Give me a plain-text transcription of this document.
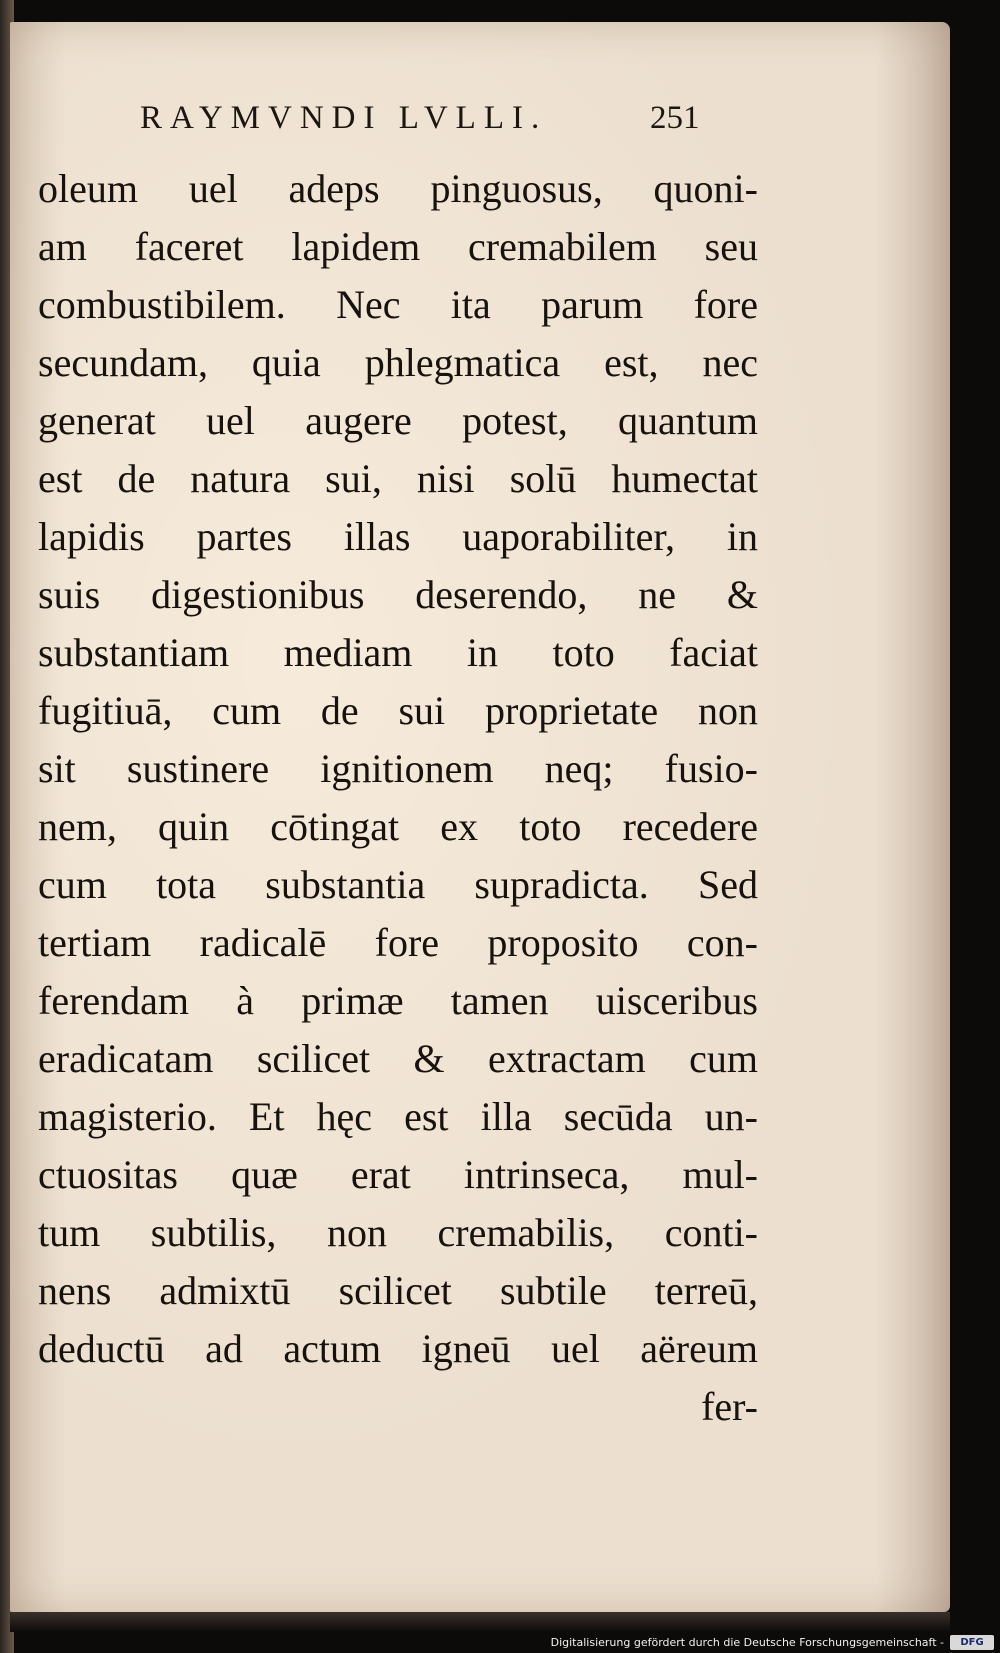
RAYMVNDI LVLLI.	251
oleum uel adeps pinguosus, quoni-
am faceret lapidem cremabilem seu
combustibilem. Nec ita parum fore
secundam, quia phlegmatica est, nec
generat uel augere potest, quantum
est de natura sui, nisi solū humectat
lapidis partes illas uaporabiliter, in
suis digestionibus deserendo, ne &
substantiam mediam in toto faciat
fugitiuā, cum de sui proprietate non
sit sustinere ignitionem neq; fusio-
nem, quin cōtingat ex toto recedere
cum tota substantia supradicta. Sed
tertiam radicalē fore proposito con-
ferendam à primæ tamen uisceribus
eradicatam scilicet & extractam cum
magisterio. Et hęc est illa secūda un-
ctuositas quæ erat intrinseca, mul-
tum subtilis, non cremabilis, conti-
nens admixtū scilicet subtile terreū,
deductū ad actum igneū uel aëreum
fer-
Digitalisierung gefördert durch die Deutsche Forschungsgemeinschaft -	DFG
